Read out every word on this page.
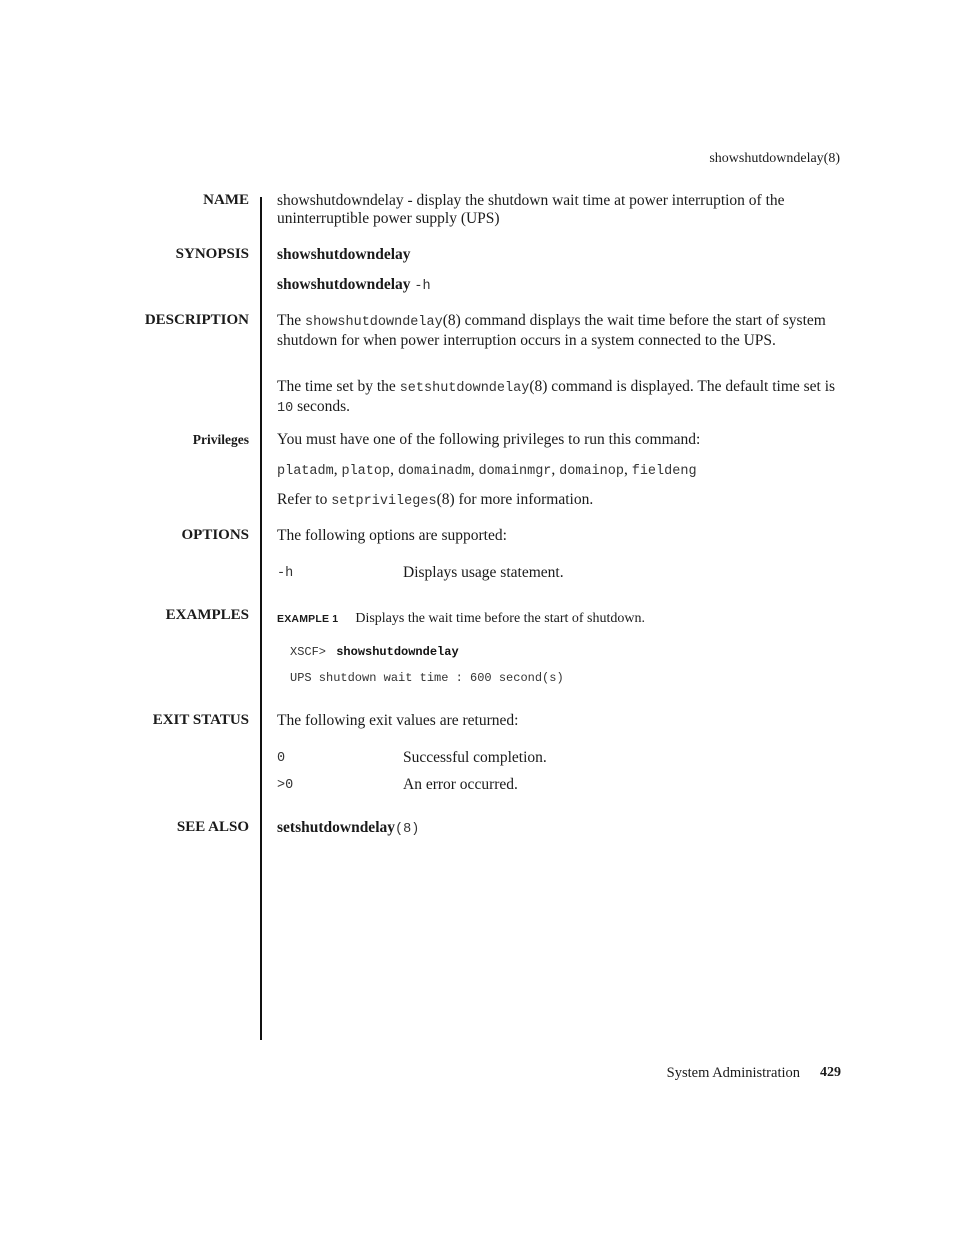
showshutdowndelay(8)
NAME showshutdowndelay - display the shutdown wait time at power interruption of the uninterruptible power supply (UPS)
SYNOPSIS showshutdowndelay
showshutdowndelay -h
DESCRIPTION The showshutdowndelay(8) command displays the wait time before the start of system shutdown for when power interruption occurs in a system connected to the UPS.
The time set by the setshutdowndelay(8) command is displayed. The default time set is 10 seconds.
Privileges You must have one of the following privileges to run this command:
platadm, platop, domainadm, domainmgr, domainop, fieldeng
Refer to setprivileges(8) for more information.
OPTIONS The following options are supported:
-h	Displays usage statement.
EXAMPLES	EXAMPLE 1 Displays the wait time before the start of shutdown.
XSCF> showshutdowndelay
UPS shutdown wait time : 600 second(s)
EXIT STATUS The following exit values are returned:
0	Successful completion.
>0	An error occurred.
SEE ALSO setshutdowndelay(8)
System Administration 429
